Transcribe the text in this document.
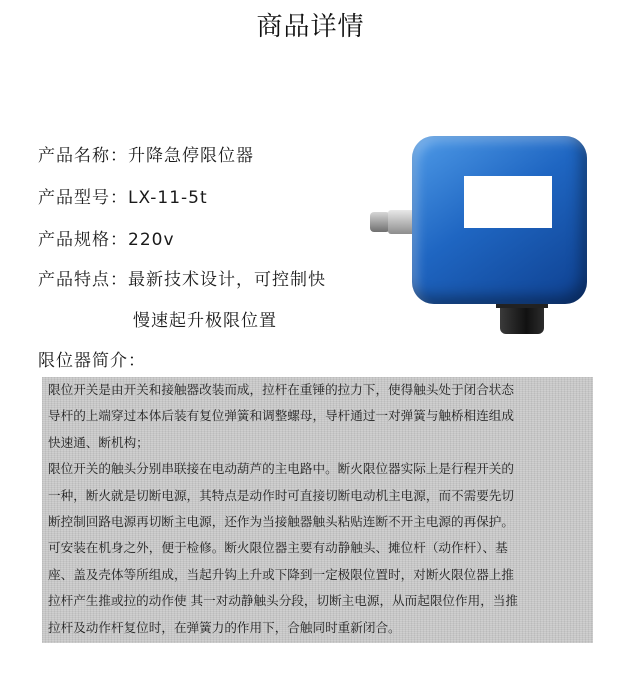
商品详情
产品名称：升降急停限位器
产品型号：LX-11-5t
产品规格：220v
产品特点：最新技术设计，可控制快
慢速起升极限位置
限位器简介：

限位开关是由开关和接触器改装而成，拉杆在重锤的拉力下，使得触头处于闭合状态

导杆的上端穿过本体后装有复位弹簧和调整螺母，导杆通过一对弹簧与触桥相连组成

快速通、断机构；

限位开关的触头分别串联接在电动葫芦的主电路中。断火限位器实际上是行程开关的

一种，断火就是切断电源，其特点是动作时可直接切断电动机主电源，而不需要先切

断控制回路电源再切断主电源，还作为当接触器触头粘贴连断不开主电源的再保护。

可安装在机身之外，便于检修。断火限位器主要有动静触头、摊位杆（动作杆）、基

座、盖及壳体等所组成，当起升钩上升或下降到一定极限位置时，对断火限位器上推

拉杆产生推或拉的动作使 其一对动静触头分段，切断主电源，从而起限位作用，当推

拉杆及动作杆复位时，在弹簧力的作用下，合触同时重新闭合。
